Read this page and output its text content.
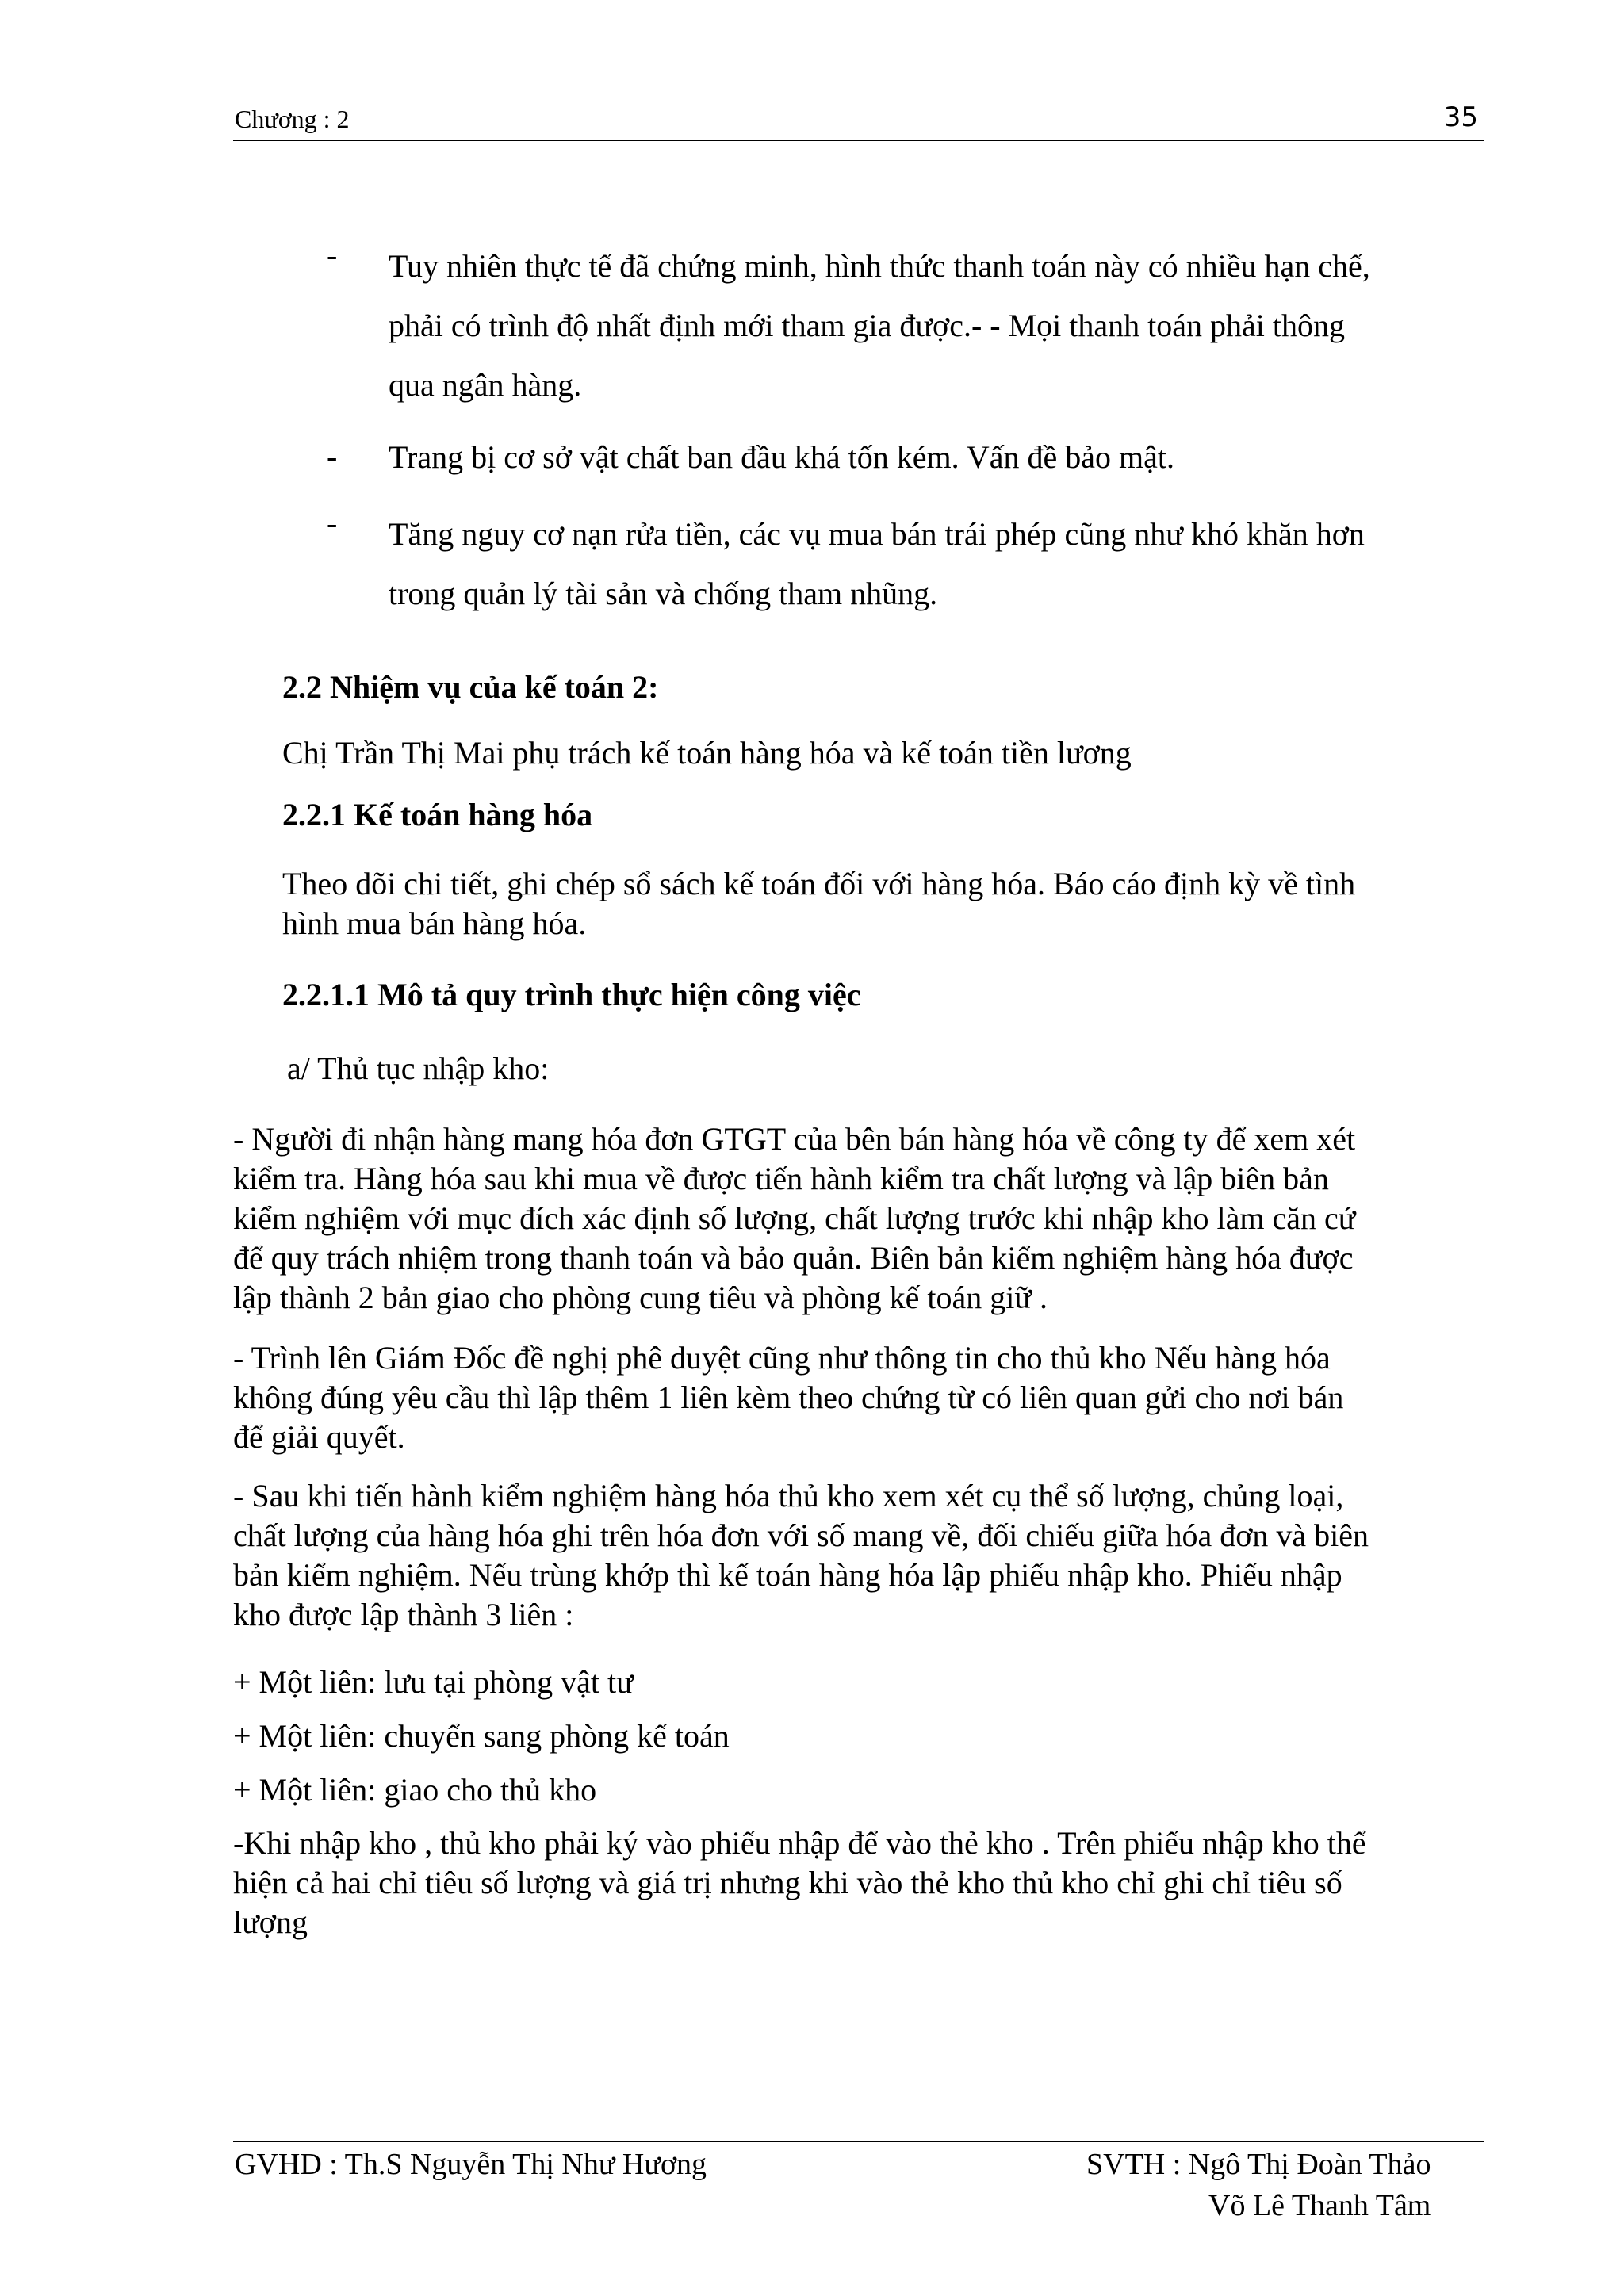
Chương : 2	35
- Tuy nhiên thực tế đã chứng minh, hình thức thanh toán này có nhiều hạn chế,
phải có trình độ nhất định mới tham gia được.- - Mọi thanh toán phải thông
qua ngân hàng.
- Trang bị cơ sở vật chất ban đầu khá tốn kém. Vấn đề bảo mật.
- Tăng nguy cơ nạn rửa tiền, các vụ mua bán trái phép cũng như khó khăn hơn
trong quản lý tài sản và chống tham nhũng.
2.2 Nhiệm vụ của kế toán 2:
Chị Trần Thị Mai phụ trách kế toán hàng hóa và kế toán tiền lương
2.2.1 Kế toán hàng hóa
Theo dõi chi tiết, ghi chép sổ sách kế toán đối với hàng hóa. Báo cáo định kỳ về tình
hình mua bán hàng hóa.
2.2.1.1 Mô tả quy trình thực hiện công việc
a/ Thủ tục nhập kho:
- Người đi nhận hàng mang hóa đơn GTGT của bên bán hàng hóa về công ty để xem xét
kiểm tra. Hàng hóa sau khi mua về được tiến hành kiểm tra chất lượng và lập biên bản
kiểm nghiệm với mục đích xác định số lượng, chất lượng trước khi nhập kho làm căn cứ
để quy trách nhiệm trong thanh toán và bảo quản. Biên bản kiểm nghiệm hàng hóa được
lập thành 2 bản giao cho phòng cung tiêu và phòng kế toán giữ .
- Trình lên Giám Đốc đề nghị phê duyệt cũng như thông tin cho thủ kho Nếu hàng hóa
không đúng yêu cầu thì lập thêm 1 liên kèm theo chứng từ có liên quan gửi cho nơi bán
để giải quyết.
- Sau khi tiến hành kiểm nghiệm hàng hóa thủ kho xem xét cụ thể số lượng, chủng loại,
chất lượng của hàng hóa ghi trên hóa đơn với số mang về, đối chiếu giữa hóa đơn và biên
bản kiểm nghiệm. Nếu trùng khớp thì kế toán hàng hóa lập phiếu nhập kho. Phiếu nhập
kho được lập thành 3 liên :
+ Một liên: lưu tại phòng vật tư
+ Một liên: chuyển sang phòng kế toán
+ Một liên: giao cho thủ kho
-Khi nhập kho , thủ kho phải ký vào phiếu nhập để vào thẻ kho . Trên phiếu nhập kho thể
hiện cả hai chỉ tiêu số lượng và giá trị nhưng khi vào thẻ kho thủ kho chỉ ghi chỉ tiêu số
lượng
GVHD : Th.S Nguyễn Thị Như Hương	SVTH : Ngô Thị Đoàn Thảo
Võ Lê Thanh Tâm
